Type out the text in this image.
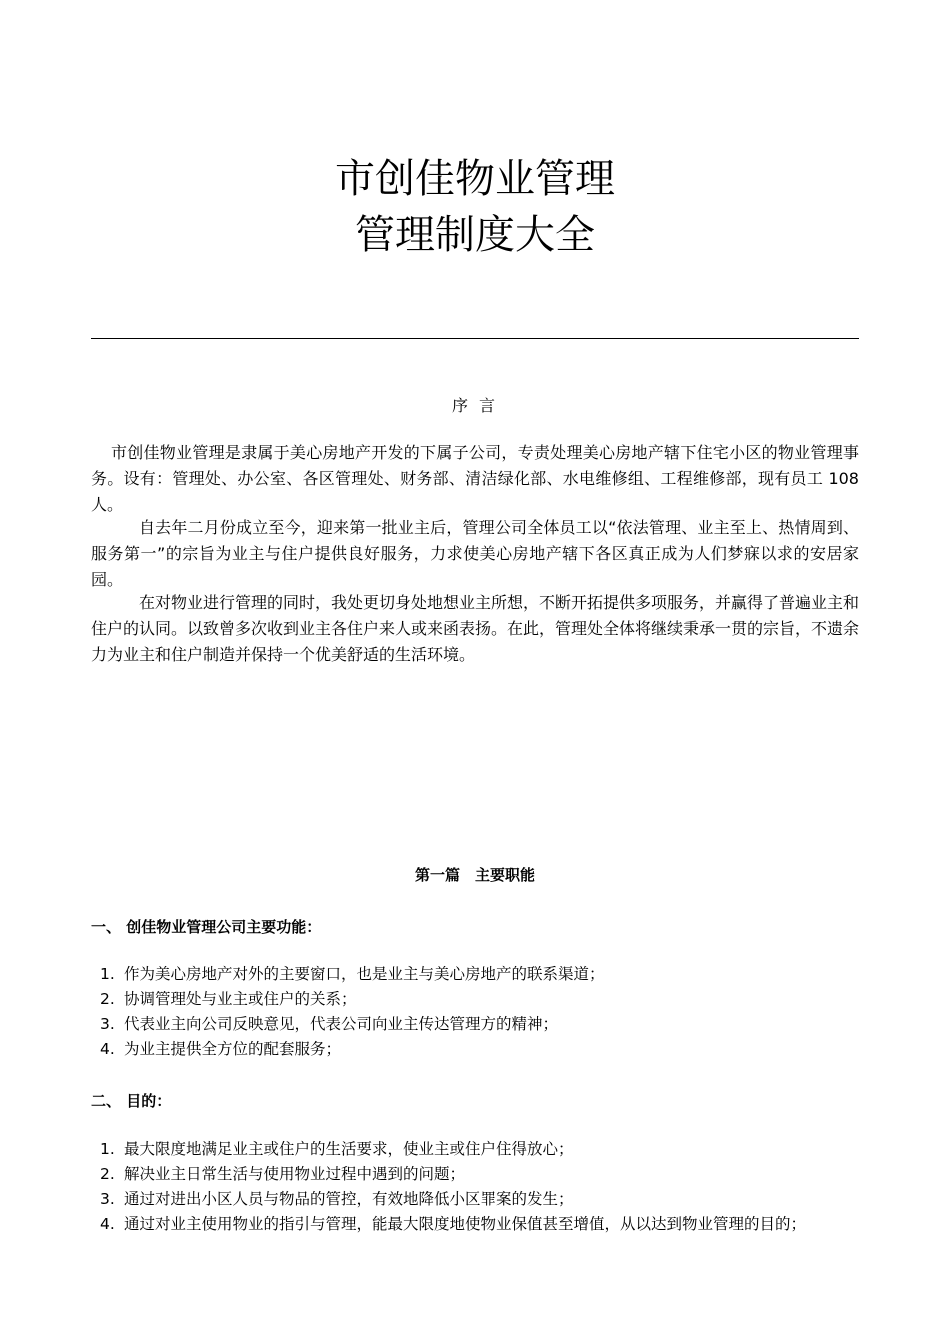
市创佳物业管理
管理制度大全
序 言
市创佳物业管理是隶属于美心房地产开发的下属子公司，专责处理美心房地产辖下住宅小区的物业管理事务。设有：管理处、办公室、各区管理处、财务部、清洁绿化部、水电维修组、工程维修部，现有员工 108 人。
自去年二月份成立至今，迎来第一批业主后，管理公司全体员工以“依法管理、业主至上、热情周到、服务第一”的宗旨为业主与住户提供良好服务，力求使美心房地产辖下各区真正成为人们梦寐以求的安居家园。
在对物业进行管理的同时，我处更切身处地想业主所想，不断开拓提供多项服务，并赢得了普遍业主和住户的认同。以致曾多次收到业主各住户来人或来函表扬。在此，管理处全体将继续秉承一贯的宗旨，不遗余力为业主和住户制造并保持一个优美舒适的生活环境。
第一篇　主要职能
一、 创佳物业管理公司主要功能：
1. 作为美心房地产对外的主要窗口，也是业主与美心房地产的联系渠道；
2. 协调管理处与业主或住户的关系；
3. 代表业主向公司反映意见，代表公司向业主传达管理方的精神；
4. 为业主提供全方位的配套服务；
二、 目的：
1. 最大限度地满足业主或住户的生活要求，使业主或住户住得放心；
2. 解决业主日常生活与使用物业过程中遇到的问题；
3. 通过对进出小区人员与物品的管控，有效地降低小区罪案的发生；
4. 通过对业主使用物业的指引与管理，能最大限度地使物业保值甚至增值，从以达到物业管理的目的；
